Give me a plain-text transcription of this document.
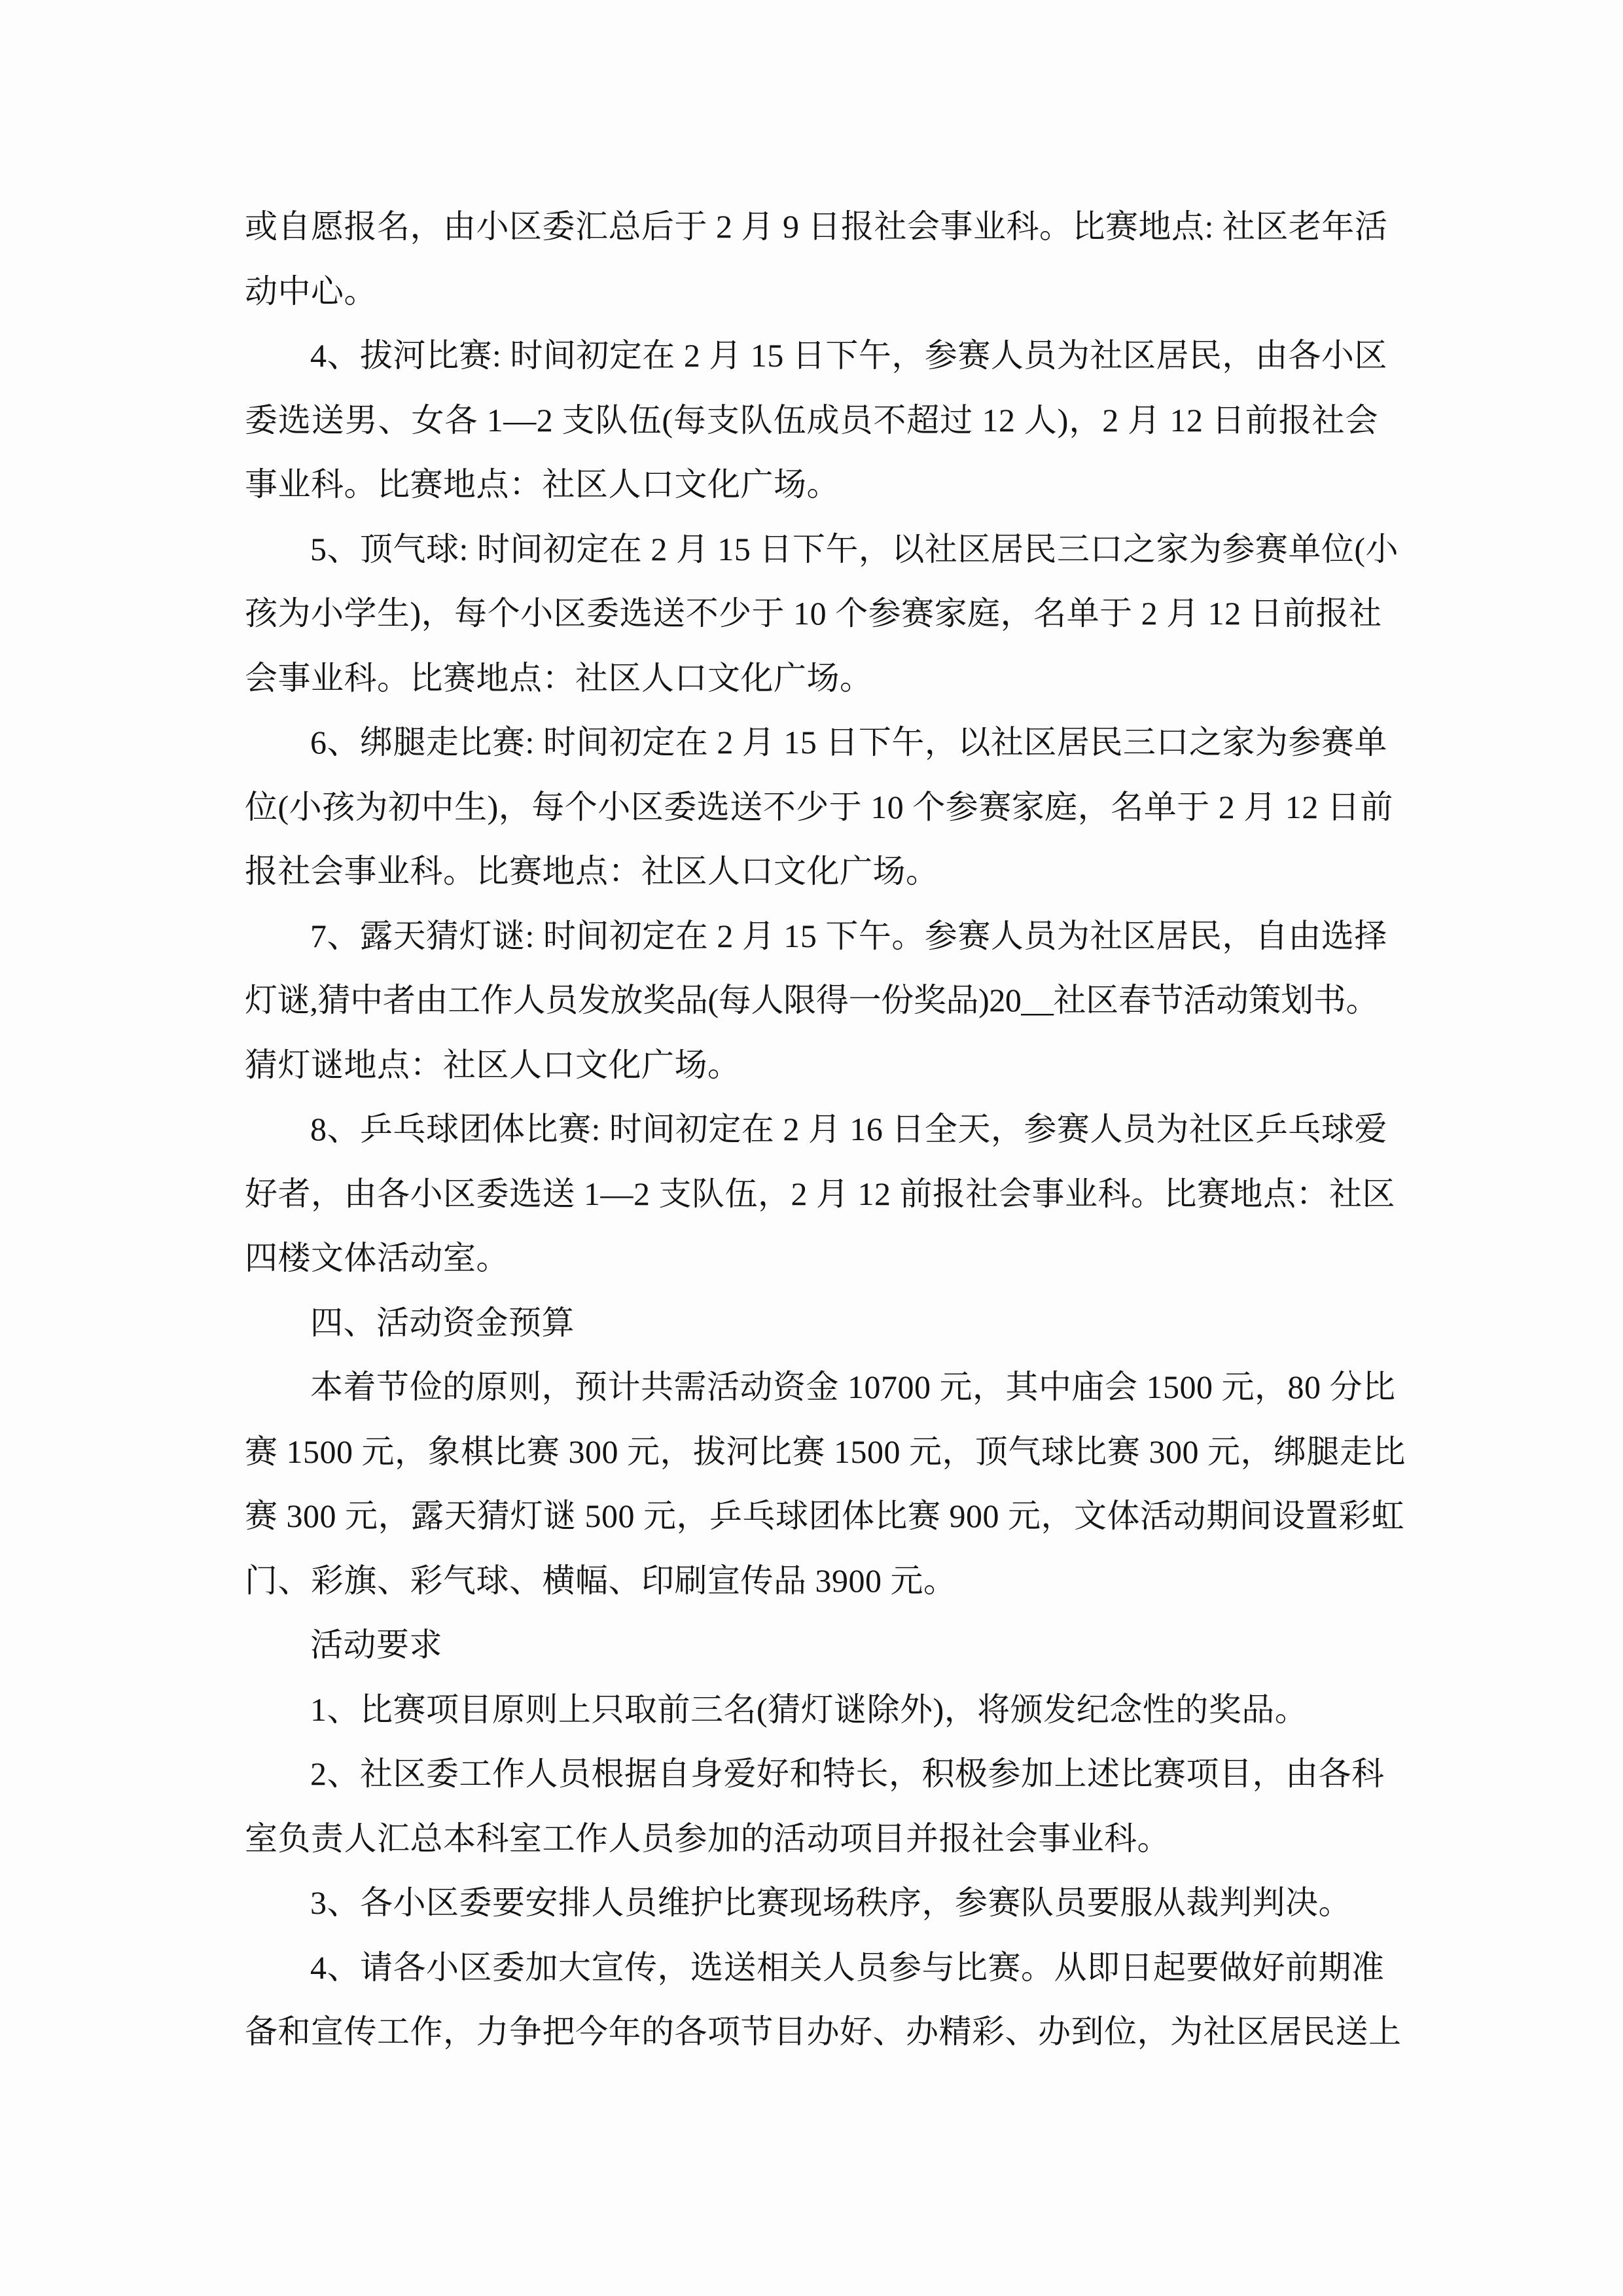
或自愿报名，由小区委汇总后于 2 月 9 日报社会事业科。比赛地点: 社区老年活

动中心。

4、拔河比赛: 时间初定在 2 月 15 日下午，参赛人员为社区居民，由各小区

委选送男、女各 1—2 支队伍(每支队伍成员不超过 12 人)，2 月 12 日前报社会

事业科。比赛地点：社区人口文化广场。

5、顶气球: 时间初定在 2 月 15 日下午，以社区居民三口之家为参赛单位(小

孩为小学生)，每个小区委选送不少于 10 个参赛家庭，名单于 2 月 12 日前报社

会事业科。比赛地点：社区人口文化广场。

6、绑腿走比赛: 时间初定在 2 月 15 日下午，以社区居民三口之家为参赛单

位(小孩为初中生)，每个小区委选送不少于 10 个参赛家庭，名单于 2 月 12 日前

报社会事业科。比赛地点：社区人口文化广场。

7、露天猜灯谜: 时间初定在 2 月 15 下午。参赛人员为社区居民，自由选择

灯谜,猜中者由工作人员发放奖品(每人限得一份奖品)20__社区春节活动策划书。

猜灯谜地点：社区人口文化广场。

8、乒乓球团体比赛: 时间初定在 2 月 16 日全天，参赛人员为社区乒乓球爱

好者，由各小区委选送 1—2 支队伍，2 月 12 前报社会事业科。比赛地点：社区

四楼文体活动室。

四、活动资金预算

本着节俭的原则，预计共需活动资金 10700 元，其中庙会 1500 元，80 分比

赛 1500 元，象棋比赛 300 元，拔河比赛 1500 元，顶气球比赛 300 元，绑腿走比

赛 300 元，露天猜灯谜 500 元，乒乓球团体比赛 900 元，文体活动期间设置彩虹

门、彩旗、彩气球、横幅、印刷宣传品 3900 元。

活动要求

1、比赛项目原则上只取前三名(猜灯谜除外)，将颁发纪念性的奖品。

2、社区委工作人员根据自身爱好和特长，积极参加上述比赛项目，由各科

室负责人汇总本科室工作人员参加的活动项目并报社会事业科。

3、各小区委要安排人员维护比赛现场秩序，参赛队员要服从裁判判决。

4、请各小区委加大宣传，选送相关人员参与比赛。从即日起要做好前期准

备和宣传工作，力争把今年的各项节目办好、办精彩、办到位，为社区居民送上
